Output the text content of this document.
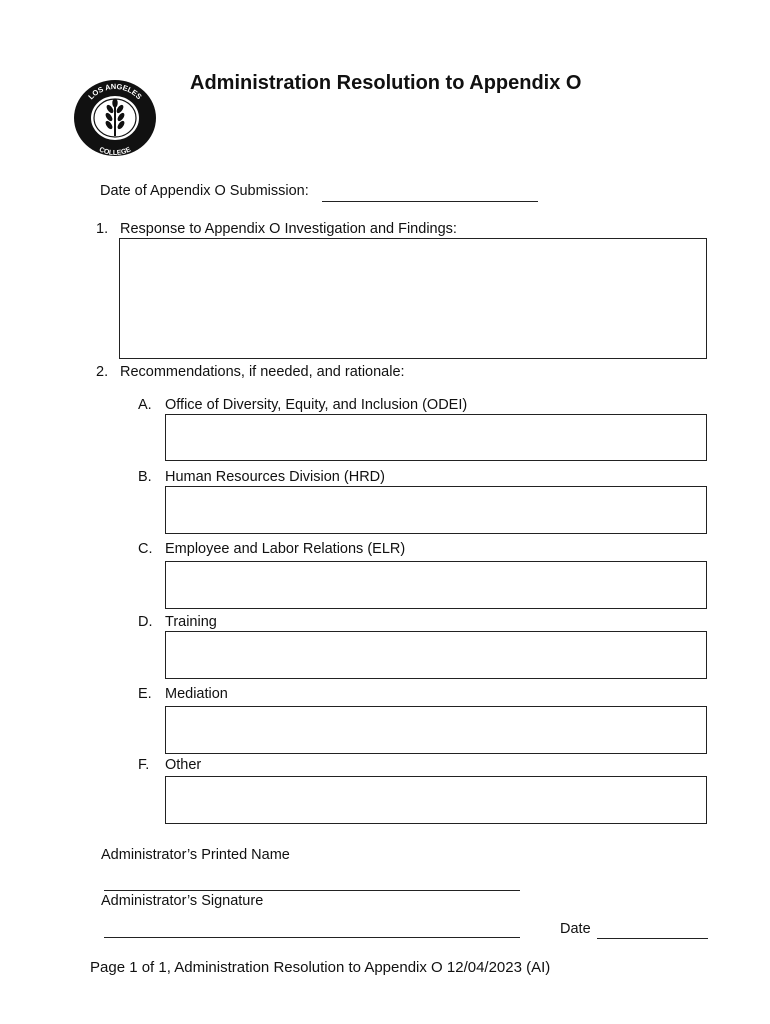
LOS ANGELES
COLLEGE
Administration Resolution to Appendix O
Date of Appendix O Submission:
1. Response to Appendix O Investigation and Findings:
2. Recommendations, if needed, and rationale:
A. Office of Diversity, Equity, and Inclusion (ODEI)
B. Human Resources Division (HRD)
C. Employee and Labor Relations (ELR)
D. Training
E. Mediation
F. Other
Administrator’s Printed Name
Administrator’s Signature
Date
Page 1 of 1, Administration Resolution to Appendix O 12/04/2023 (AI)
